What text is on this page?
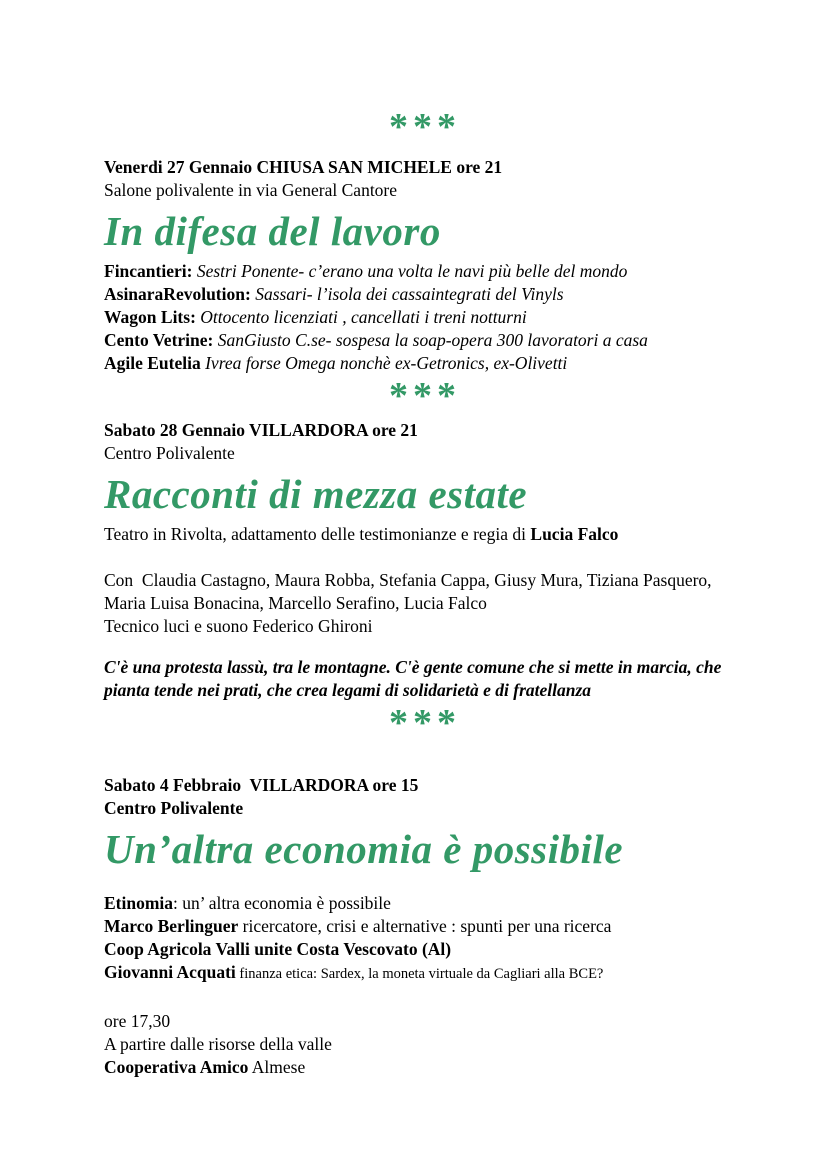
***

Venerdi 27 Gennaio CHIUSA SAN MICHELE ore 21

Salone polivalente in via General Cantore

In difesa del lavoro

Fincantieri: Sestri Ponente- c’erano una volta le navi più belle del mondo

AsinaraRevolution: Sassari- l’isola dei cassaintegrati del Vinyls

Wagon Lits: Ottocento licenziati , cancellati i treni notturni

Cento Vetrine: SanGiusto C.se- sospesa la soap-opera 300 lavoratori a casa

Agile Eutelia Ivrea forse Omega nonchè ex-Getronics, ex-Olivetti

***

Sabato 28 Gennaio VILLARDORA ore 21

Centro Polivalente

Racconti di mezza estate

Teatro in Rivolta, adattamento delle testimonianze e regia di Lucia Falco

Con  Claudia Castagno, Maura Robba, Stefania Cappa, Giusy Mura, Tiziana Pasquero, Maria Luisa Bonacina, Marcello Serafino, Lucia Falco

Tecnico luci e suono Federico Ghironi

C'è una protesta lassù, tra le montagne. C'è gente comune che si mette in marcia, che pianta tende nei prati, che crea legami di solidarietà e di fratellanza

***

Sabato 4 Febbraio  VILLARDORA ore 15

Centro Polivalente

Un’altra economia è possibile

Etinomia: un’ altra economia è possibile

Marco Berlinguer ricercatore, crisi e alternative : spunti per una ricerca

Coop Agricola Valli unite Costa Vescovato (Al)

Giovanni Acquati finanza etica: Sardex, la moneta virtuale da Cagliari alla BCE?

ore 17,30

A partire dalle risorse della valle

Cooperativa Amico Almese
